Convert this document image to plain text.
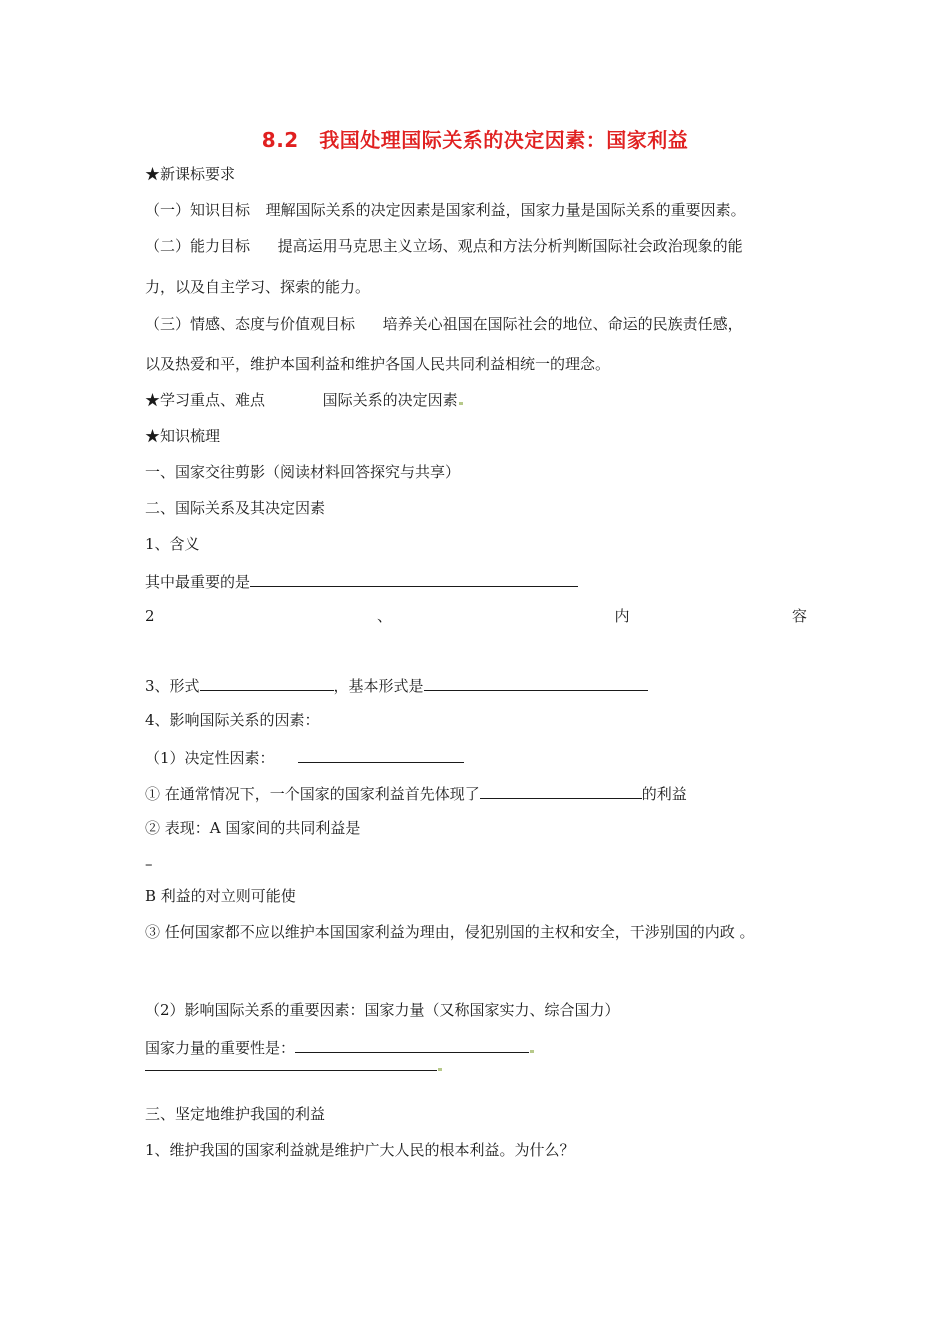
8.2　我国处理国际关系的决定因素：国家利益
★新课标要求
（一）知识目标 理解国际关系的决定因素是国家利益，国家力量是国际关系的重要因素。
（二）能力目标 提高运用马克思主义立场、观点和方法分析判断国际社会政治现象的能
力，以及自主学习、探索的能力。
（三）情感、态度与价值观目标 培养关心祖国在国际社会的地位、命运的民族责任感，
以及热爱和平，维护本国利益和维护各国人民共同利益相统一的理念。
★学习重点、难点	国际关系的决定因素
★知识梳理
一、国家交往剪影（阅读材料回答探究与共享）
二、国际关系及其决定因素
1、含义
其中最重要的是
2	、	内	容
3、形式	，基本形式是
4、影响国际关系的因素：
（1）决定性因素：
① 在通常情况下，一个国家的国家利益首先体现了	的利益
② 表现：A 国家间的共同利益是
–
B 利益的对立则可能使
③ 任何国家都不应以维护本国国家利益为理由，侵犯别国的主权和安全，干涉别国的内政 。
（2）影响国际关系的重要因素：国家力量（又称国家实力、综合国力）
国家力量的重要性是：
三、坚定地维护我国的利益
1、维护我国的国家利益就是维护广大人民的根本利益。为什么？
